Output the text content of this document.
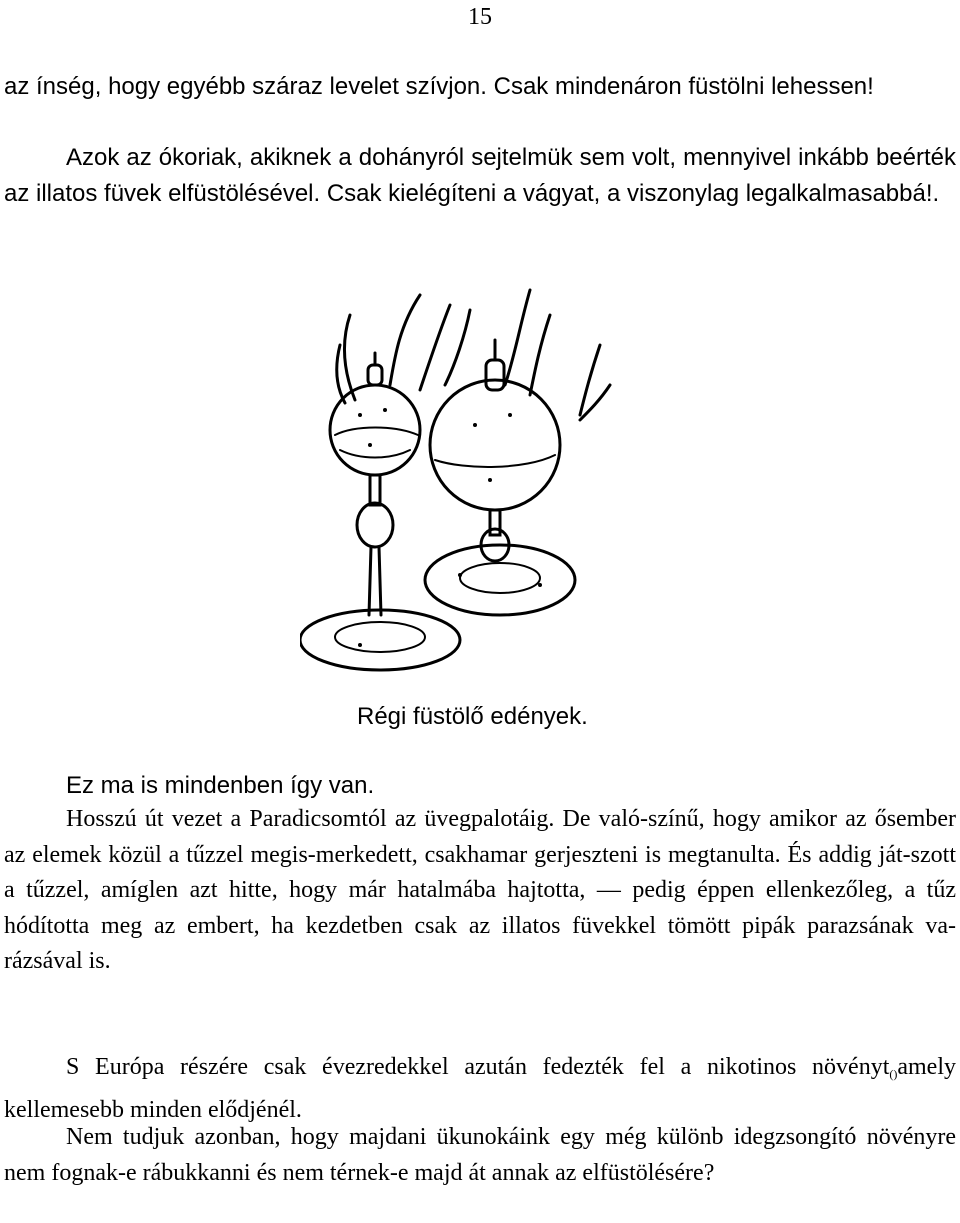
15

az ínség, hogy egyébb száraz levelet szívjon. Csak mindenáron füstölni lehessen!

Azok az ókoriak, akiknek a dohányról sejtelmük sem volt, mennyivel inkább beérték az illatos füvek elfüstölésével. Csak kielégíteni a vágyat, a viszonylag legalkalmasabbá!.

Régi füstölő edények.

Ez ma is mindenben így van.

Hosszú út vezet a Paradicsomtól az üvegpalotáig. De való-színű, hogy amikor az ősember az elemek közül a tűzzel megis-merkedett, csakhamar gerjeszteni is megtanulta. És addig ját-szott a tűzzel, amíglen azt hitte, hogy már hatalmába hajtotta, — pedig éppen ellenkezőleg, a tűz hódította meg az embert, ha kezdetben csak az illatos füvekkel tömött pipák parazsának va-rázsával is.

S Európa részére csak évezredekkel azután fedezték fel a nikotinos növényt()amely kellemesebb minden elődjénél.

Nem tudjuk azonban, hogy majdani ükunokáink egy még különb idegzsongító növényre nem fognak-e rábukkanni és nem térnek-e majd át annak az elfüstölésére?
